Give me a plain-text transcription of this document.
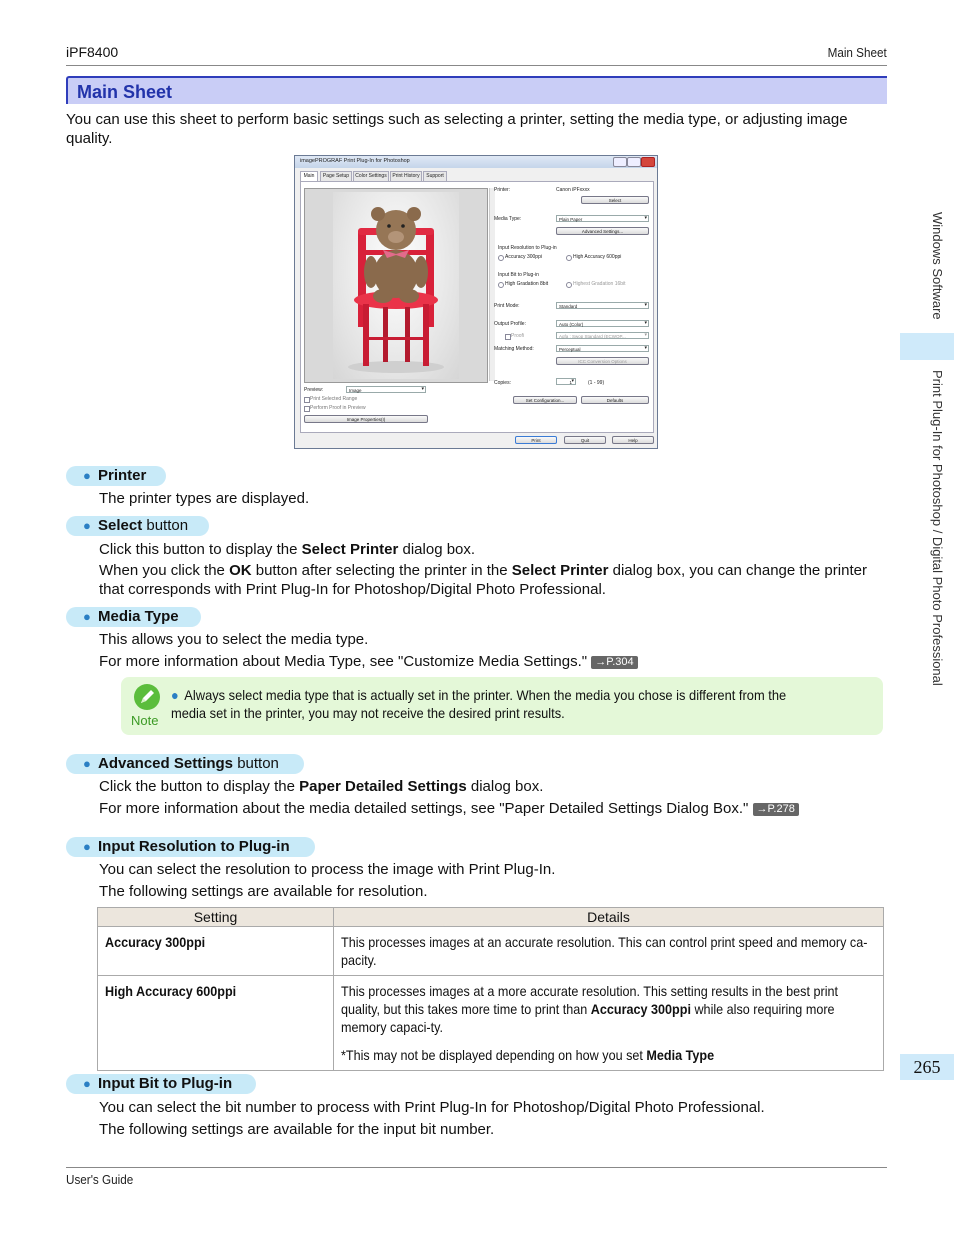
iPF8400	Main Sheet
Main Sheet
You can use this sheet to perform basic settings such as selecting a printer, setting the media type, or adjusting image quality.
imagePROGRAF Print Plug-In for Photoshop
Main	Page Setup	Color Settings	Print History	Support
Printer:	Canon iPFxxxx
Select
Media Type:	Plain Paper ▾
Advanced Settings...
Input Resolution to Plug-in
Accuracy 300ppi	High Accuracy 600ppi
Input Bit to Plug-in
High Gradation 8bit	Highest Gradation 16bit
Print Mode:	Standard ▾
Output Profile:	Auto (Color) ▾
Proofi	Agfa : Swop Standard (ECWOP... ▾
Matching Method:	Perceptual ▾
ICC Conversion Options
Copies:	1 ▾	(1 - 99)
Set Configuration...	Defaults
Preview:	Image ▾
Print Selected Range
Perform Proof in Preview
Image Properties(I)
Print	Quit	Help
● Printer
The printer types are displayed.
● Select button
Click this button to display the Select Printer dialog box.
When you click the OK button after selecting the printer in the Select Printer dialog box, you can change the printer that corresponds with Print Plug-In for Photoshop/Digital Photo Professional.
● Media Type
This allows you to select the media type.
For more information about Media Type, see "Customize Media Settings." →P.304
Note
● Always select media type that is actually set in the printer. When the media you chose is different from the media set in the printer, you may not receive the desired print results.
● Advanced Settings button
Click the button to display the Paper Detailed Settings dialog box.
For more information about the media detailed settings, see "Paper Detailed Settings Dialog Box." →P.278
● Input Resolution to Plug-in
You can select the resolution to process the image with Print Plug-In.
The following settings are available for resolution.
Setting	Details
Accuracy 300ppi	This processes images at an accurate resolution. This can control print speed and memory ca-pacity.
High Accuracy 600ppi	This processes images at a more accurate resolution. This setting results in the best print quality, but this takes more time to print than Accuracy 300ppi while also requiring more memory capaci-ty.
*This may not be displayed depending on how you set Media Type
● Input Bit to Plug-in
You can select the bit number to process with Print Plug-In for Photoshop/Digital Photo Professional.
The following settings are available for the input bit number.
Windows Software
Print Plug-In for Photoshop / Digital Photo Professional
265
User's Guide
